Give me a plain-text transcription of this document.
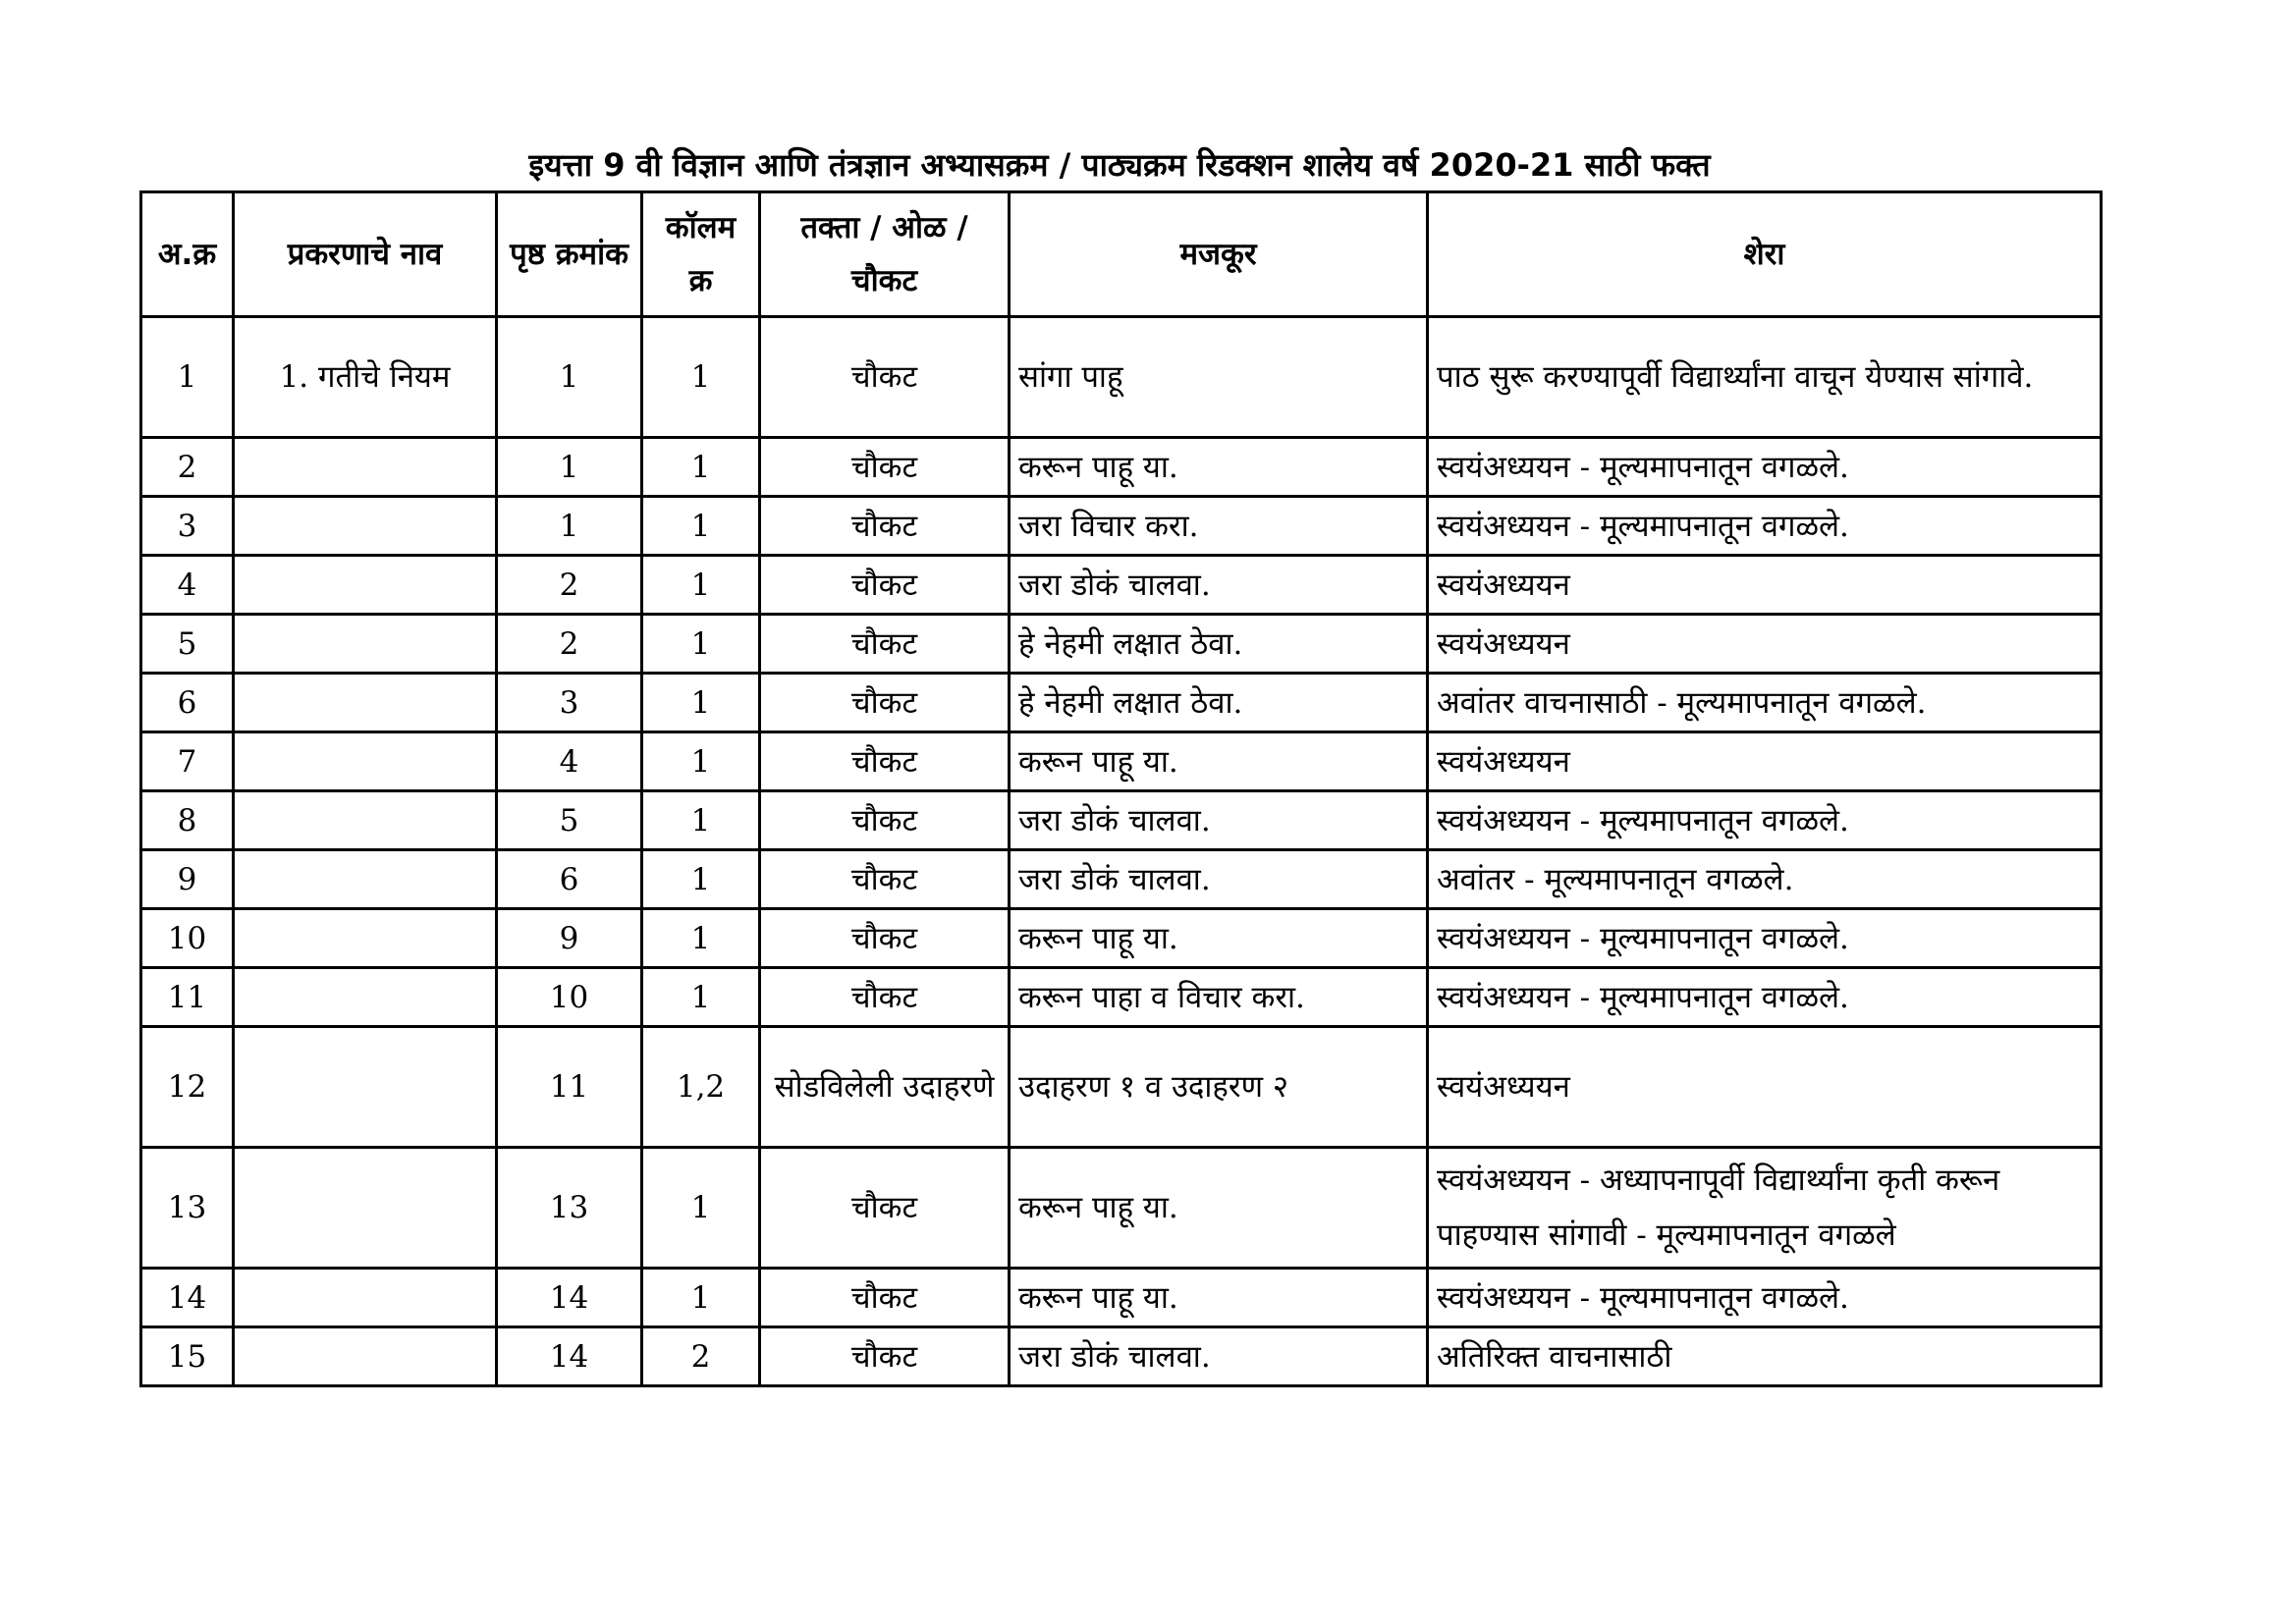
इयत्ता 9 वी विज्ञान आणि तंत्रज्ञान अभ्यासक्रम / पाठ्यक्रम रिडक्शन शालेय वर्ष 2020-21 साठी फक्त
अ.क्र	प्रकरणाचे नाव	पृष्ठ क्रमांक	कॉलम क्र	तक्ता / ओळ / चौकट	मजकूर	शेरा
1	1. गतीचे नियम	1	1	चौकट	सांगा पाहू	पाठ सुरू करण्यापूर्वी विद्यार्थ्यांना वाचून येण्यास सांगावे.
2		1	1	चौकट	करून पाहू या.	स्वयंअध्ययन - मूल्यमापनातून वगळले.
3		1	1	चौकट	जरा विचार करा.	स्वयंअध्ययन - मूल्यमापनातून वगळले.
4		2	1	चौकट	जरा डोकं चालवा.	स्वयंअध्ययन
5		2	1	चौकट	हे नेहमी लक्षात ठेवा.	स्वयंअध्ययन
6		3	1	चौकट	हे नेहमी लक्षात ठेवा.	अवांतर वाचनासाठी - मूल्यमापनातून वगळले.
7		4	1	चौकट	करून पाहू या.	स्वयंअध्ययन
8		5	1	चौकट	जरा डोकं चालवा.	स्वयंअध्ययन - मूल्यमापनातून वगळले.
9		6	1	चौकट	जरा डोकं चालवा.	अवांतर - मूल्यमापनातून वगळले.
10		9	1	चौकट	करून पाहू या.	स्वयंअध्ययन - मूल्यमापनातून वगळले.
11		10	1	चौकट	करून पाहा व विचार करा.	स्वयंअध्ययन - मूल्यमापनातून वगळले.
12		11	1,2	सोडविलेली उदाहरणे	उदाहरण १ व उदाहरण २	स्वयंअध्ययन
13		13	1	चौकट	करून पाहू या.	स्वयंअध्ययन - अध्यापनापूर्वी विद्यार्थ्यांना कृती करून पाहण्यास सांगावी - मूल्यमापनातून वगळले
14		14	1	चौकट	करून पाहू या.	स्वयंअध्ययन - मूल्यमापनातून वगळले.
15		14	2	चौकट	जरा डोकं चालवा.	अतिरिक्त वाचनासाठी
